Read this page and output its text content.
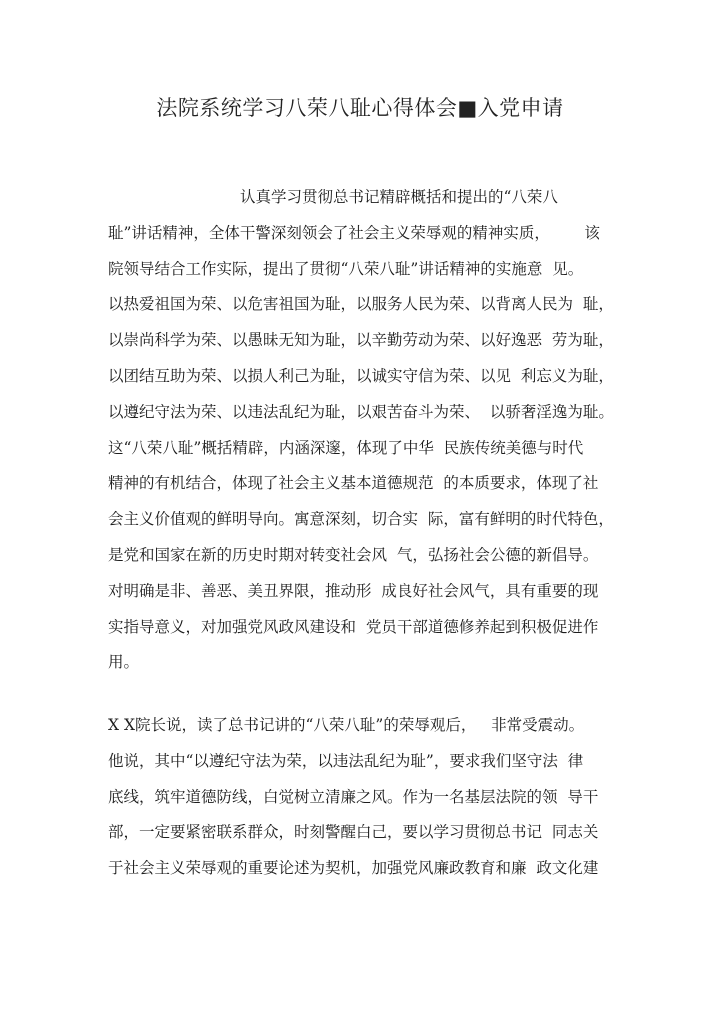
法院系统学习八荣八耻心得体会■入党申请
认真学习贯彻总书记精辟概括和提出的“八荣八
耻”讲话精神，全体干警深刻领会了社会主义荣辱观的精神实质，       该
院领导结合工作实际，提出了贯彻“八荣八耻”讲话精神的实施意  见。
以热爱祖国为荣、以危害祖国为耻，以服务人民为荣、以背离人民为  耻，
以崇尚科学为荣、以愚昧无知为耻，以辛勤劳动为荣、以好逸恶  劳为耻，
以团结互助为荣、以损人利己为耻，以诚实守信为荣、以见  利忘义为耻，
以遵纪守法为荣、以违法乱纪为耻，以艰苦奋斗为荣、  以骄奢淫逸为耻。
这“八荣八耻”概括精辟，内涵深邃，体现了中华  民族传统美德与时代
精神的有机结合，体现了社会主义基本道德规范  的本质要求，体现了社
会主义价值观的鲜明导向。寓意深刻，切合实  际，富有鲜明的时代特色，
是党和国家在新的历史时期对转变社会风  气，弘扬社会公德的新倡导。
对明确是非、善恶、美丑界限，推动形  成良好社会风气，具有重要的现
实指导意义，对加强党风政风建设和  党员干部道德修养起到积极促进作
用。
X X院长说，读了总书记讲的“八荣八耻”的荣辱观后，   非常受震动。
他说，其中“以遵纪守法为荣，以违法乱纪为耻”，要求我们坚守法  律
底线，筑牢道德防线，白觉树立清廉之风。作为一名基层法院的领  导干
部，一定要紧密联系群众，时刻警醒白己，要以学习贯彻总书记  同志关
于社会主义荣辱观的重要论述为契机，加强党风廉政教育和廉  政文化建
